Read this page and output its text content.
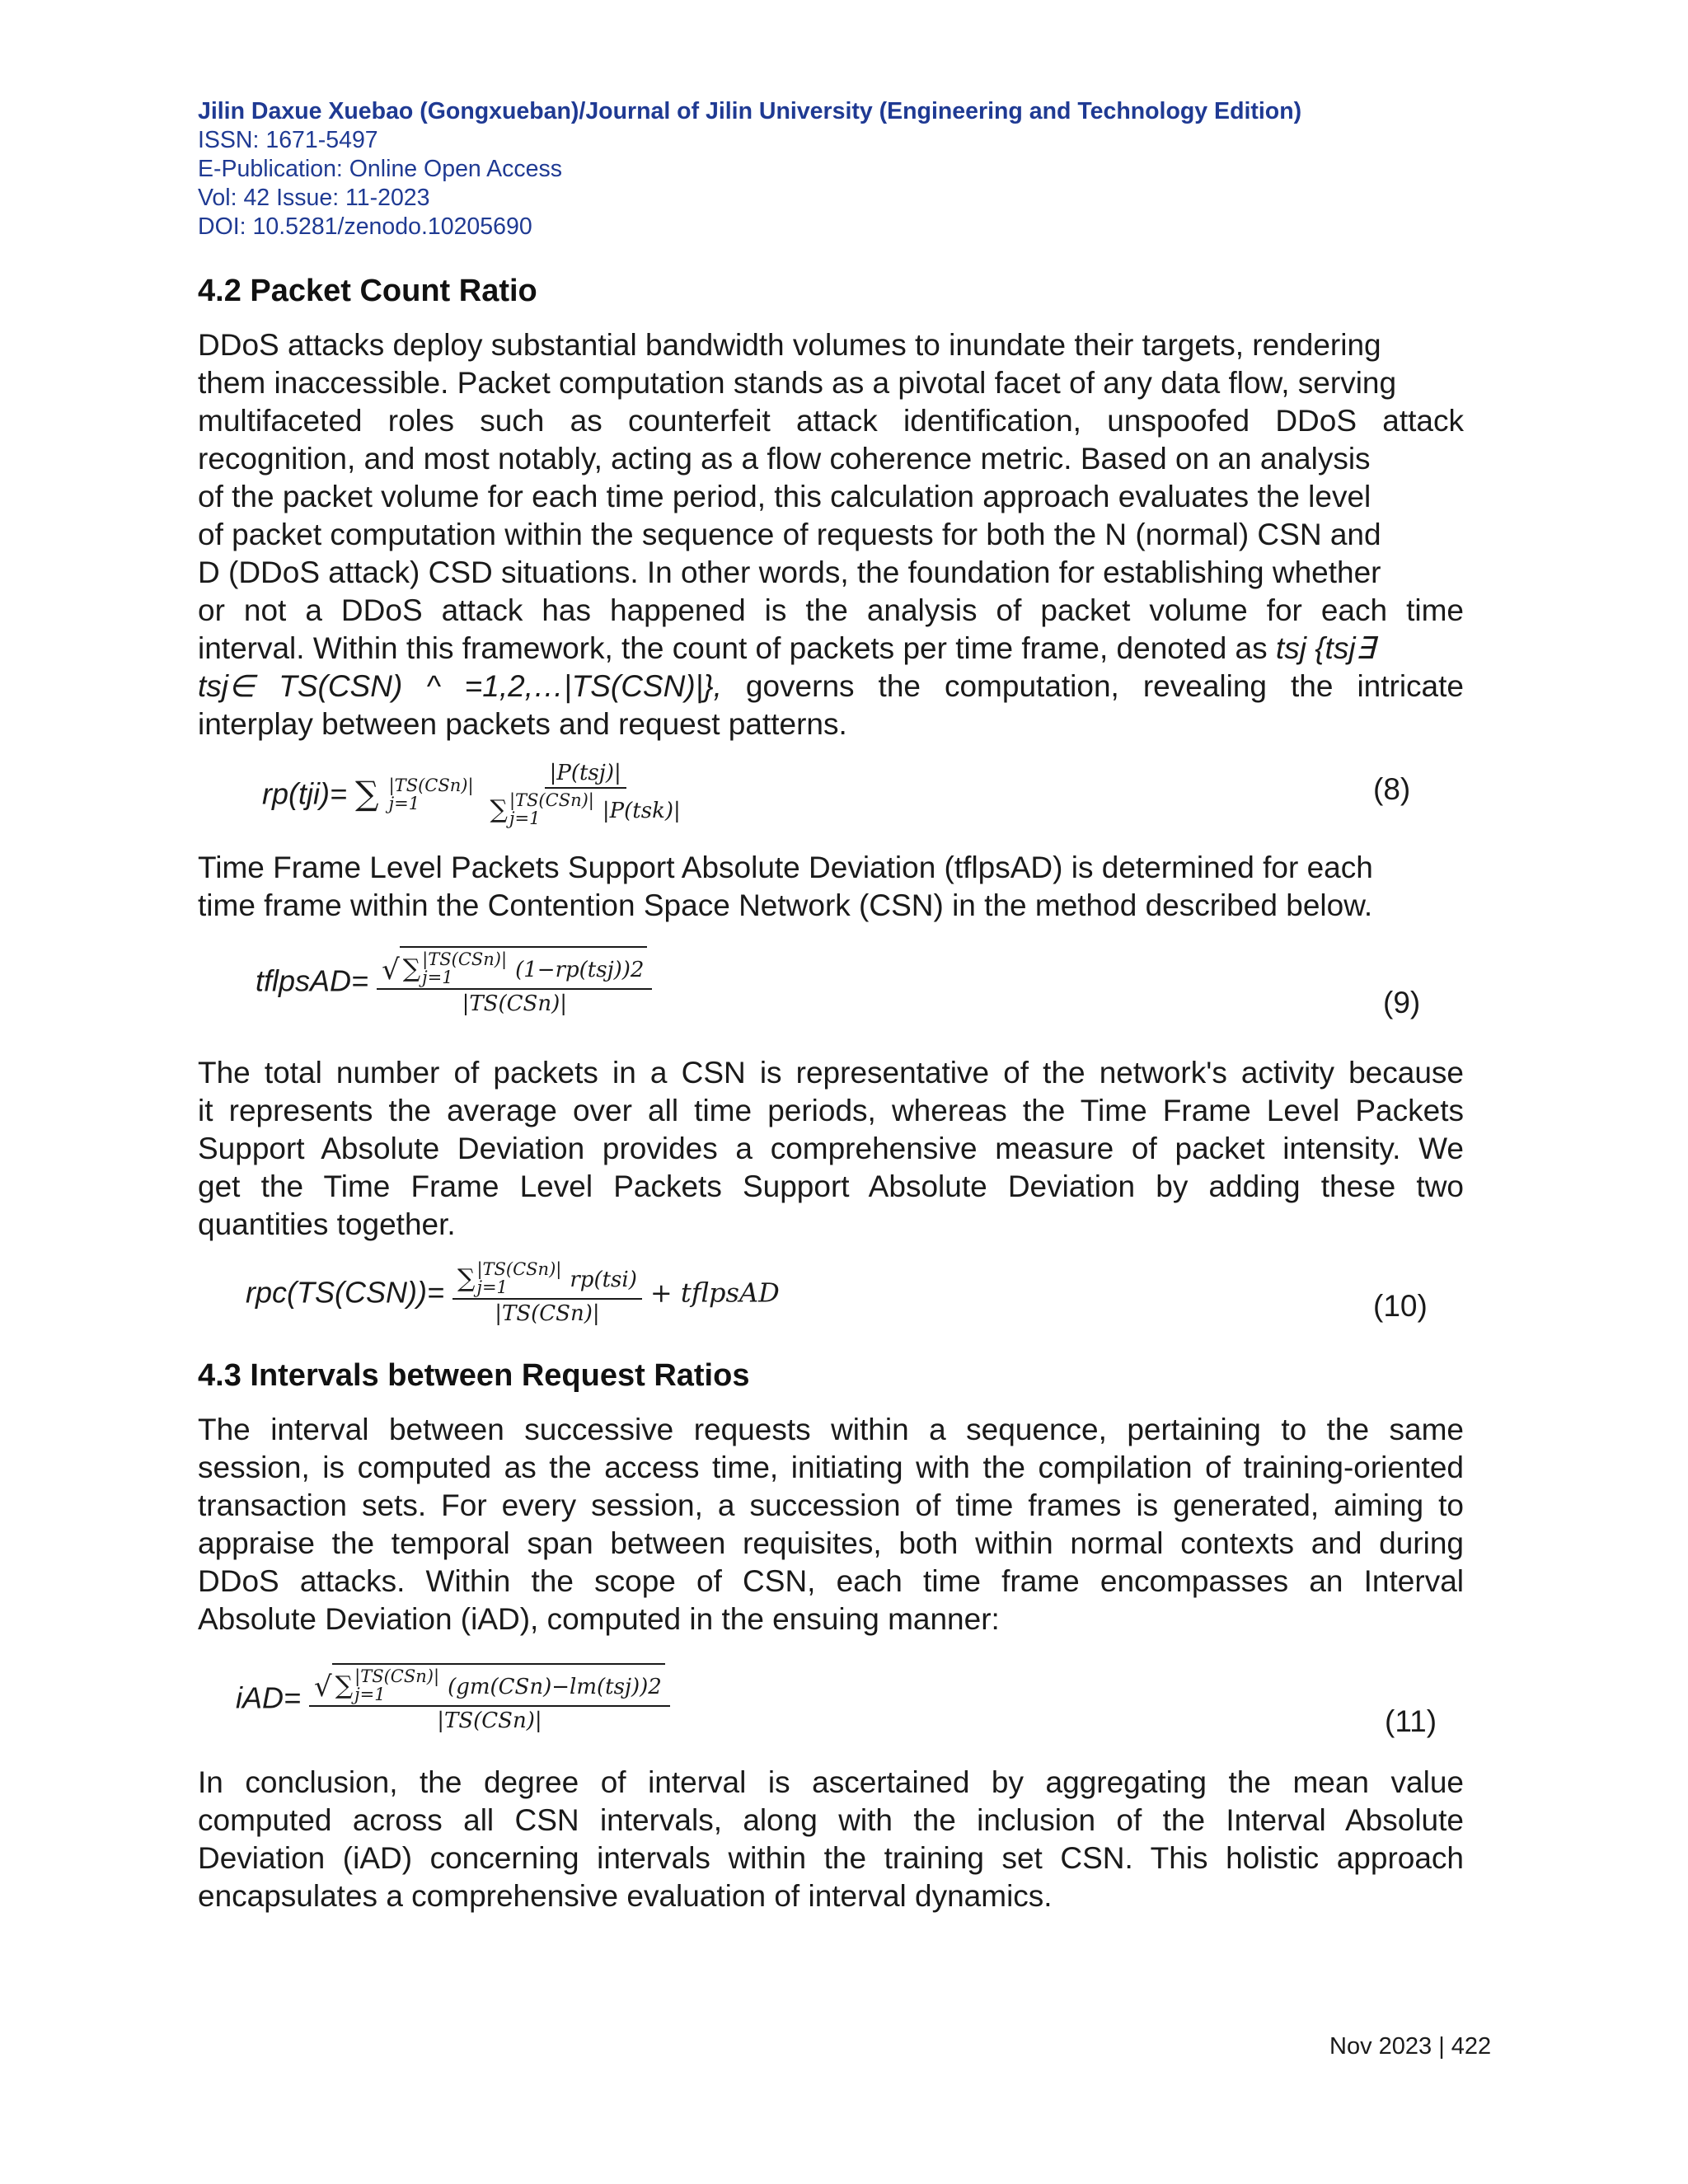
Jilin Daxue Xuebao (Gongxueban)/Journal of Jilin University (Engineering and Technology Edition)
ISSN: 1671-5497
E-Publication: Online Open Access
Vol: 42 Issue: 11-2023
DOI: 10.5281/zenodo.10205690
4.2 Packet Count Ratio
DDoS attacks deploy substantial bandwidth volumes to inundate their targets, rendering
them inaccessible. Packet computation stands as a pivotal facet of any data flow, serving
multifaceted roles such as counterfeit attack identification, unspoofed DDoS attack
recognition, and most notably, acting as a flow coherence metric. Based on an analysis
of the packet volume for each time period, this calculation approach evaluates the level
of packet computation within the sequence of requests for both the N (normal) CSN and
D (DDoS attack) CSD situations. In other words, the foundation for establishing whether
or not a DDoS attack has happened is the analysis of packet volume for each time
interval. Within this framework, the count of packets per time frame, denoted as tsj {tsj∃
tsj∈ TS(CSN) ^ =1,2,…|TS(CSN)|}, governs the computation, revealing the intricate
interplay between packets and request patterns.
rp(tji)= ∑ |TS(CSn)|
j=1
	|P(tsj)|
∑ |TS(CSn)|
j=1	|P(tsk)|	(8)
Time Frame Level Packets Support Absolute Deviation (tflpsAD) is determined for each
time frame within the Contention Space Network (CSN) in the method described below.
tflpsAD= √ ∑ |TS(CSn)|
j=1	(1−rp(tsj))2
|TS(CSn)|	(9)
The total number of packets in a CSN is representative of the network's activity because
it represents the average over all time periods, whereas the Time Frame Level Packets
Support Absolute Deviation provides a comprehensive measure of packet intensity. We
get the Time Frame Level Packets Support Absolute Deviation by adding these two
quantities together.
rpc(TS(CSN))= ∑ |TS(CSn)|
j=1	rp(tsi)
|TS(CSn)| + tflpsAD	(10)
4.3 Intervals between Request Ratios
The interval between successive requests within a sequence, pertaining to the same
session, is computed as the access time, initiating with the compilation of training-oriented
transaction sets. For every session, a succession of time frames is generated, aiming to
appraise the temporal span between requisites, both within normal contexts and during
DDoS attacks. Within the scope of CSN, each time frame encompasses an Interval
Absolute Deviation (iAD), computed in the ensuing manner:
iAD= √ ∑ |TS(CSn)|
j=1	(gm(CSn)−lm(tsj))2
|TS(CSn)|	(11)
In conclusion, the degree of interval is ascertained by aggregating the mean value
computed across all CSN intervals, along with the inclusion of the Interval Absolute
Deviation (iAD) concerning intervals within the training set CSN. This holistic approach
encapsulates a comprehensive evaluation of interval dynamics.
Nov 2023 | 422
